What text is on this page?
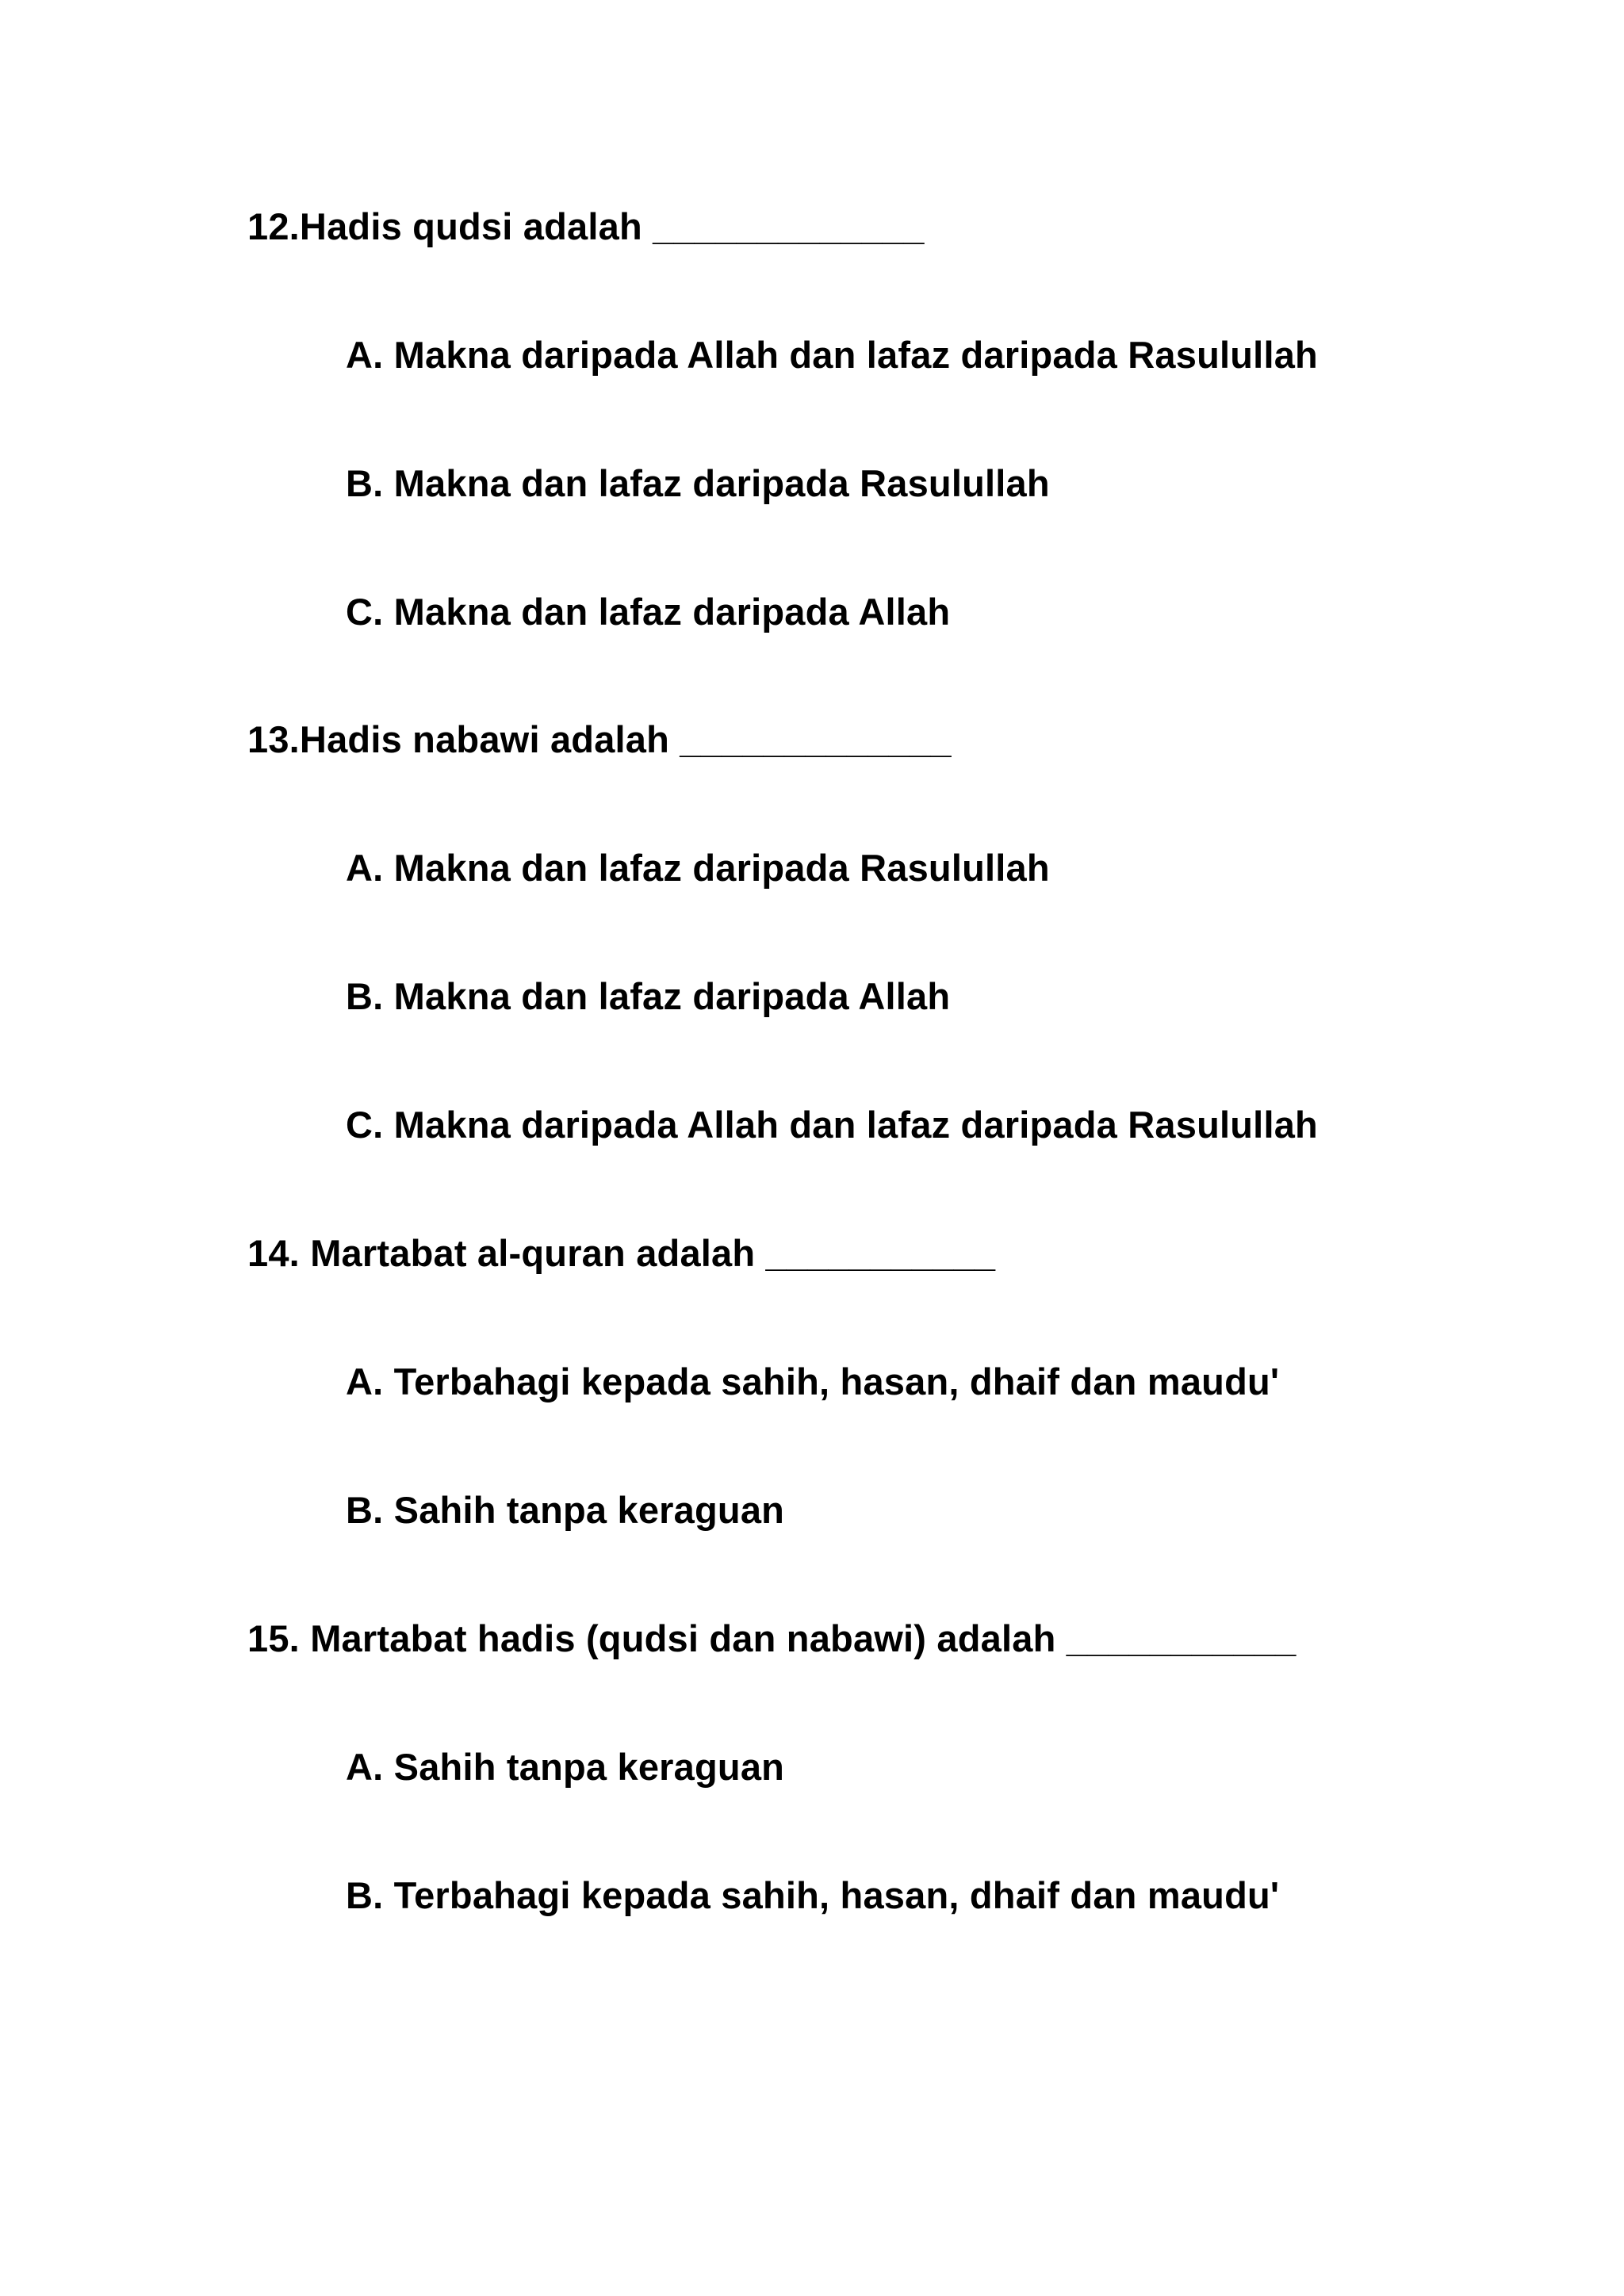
12.Hadis qudsi adalah _____________
A. Makna daripada Allah dan lafaz daripada Rasulullah
B. Makna dan lafaz daripada Rasulullah
C. Makna dan lafaz daripada Allah
13.Hadis nabawi adalah _____________
A. Makna dan lafaz daripada Rasulullah
B. Makna dan lafaz daripada Allah
C. Makna daripada Allah dan lafaz daripada Rasulullah
14. Martabat al-quran adalah ___________
A. Terbahagi kepada sahih, hasan, dhaif dan maudu'
B. Sahih tanpa keraguan
15. Martabat hadis (qudsi dan nabawi) adalah ___________
A. Sahih tanpa keraguan
B. Terbahagi kepada sahih, hasan, dhaif dan maudu'
